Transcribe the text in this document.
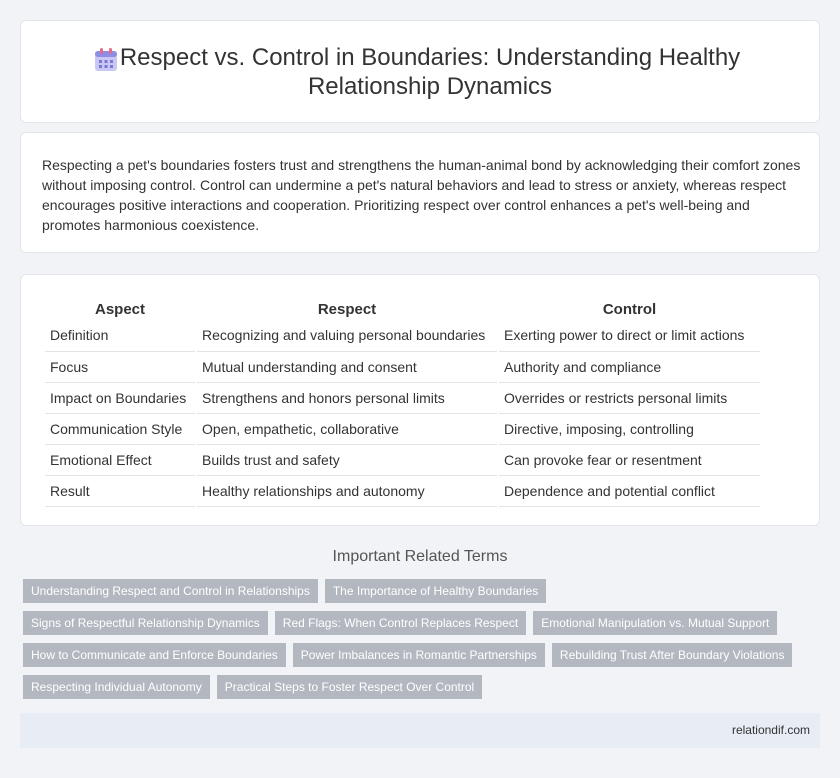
Respect vs. Control in Boundaries: Understanding Healthy Relationship Dynamics

Respecting a pet's boundaries fosters trust and strengthens the human-animal bond by acknowledging their comfort zones without imposing control. Control can undermine a pet's natural behaviors and lead to stress or anxiety, whereas respect encourages positive interactions and cooperation. Prioritizing respect over control enhances a pet's well-being and promotes harmonious coexistence.

Aspect	Respect	Control
Definition	Recognizing and valuing personal boundaries	Exerting power to direct or limit actions
Focus	Mutual understanding and consent	Authority and compliance
Impact on Boundaries	Strengthens and honors personal limits	Overrides or restricts personal limits
Communication Style	Open, empathetic, collaborative	Directive, imposing, controlling
Emotional Effect	Builds trust and safety	Can provoke fear or resentment
Result	Healthy relationships and autonomy	Dependence and potential conflict
Important Related Terms
Understanding Respect and Control in Relationships	The Importance of Healthy Boundaries
Signs of Respectful Relationship Dynamics	Red Flags: When Control Replaces Respect	Emotional Manipulation vs. Mutual Support
How to Communicate and Enforce Boundaries	Power Imbalances in Romantic Partnerships	Rebuilding Trust After Boundary Violations
Respecting Individual Autonomy	Practical Steps to Foster Respect Over Control
relationdif.com
